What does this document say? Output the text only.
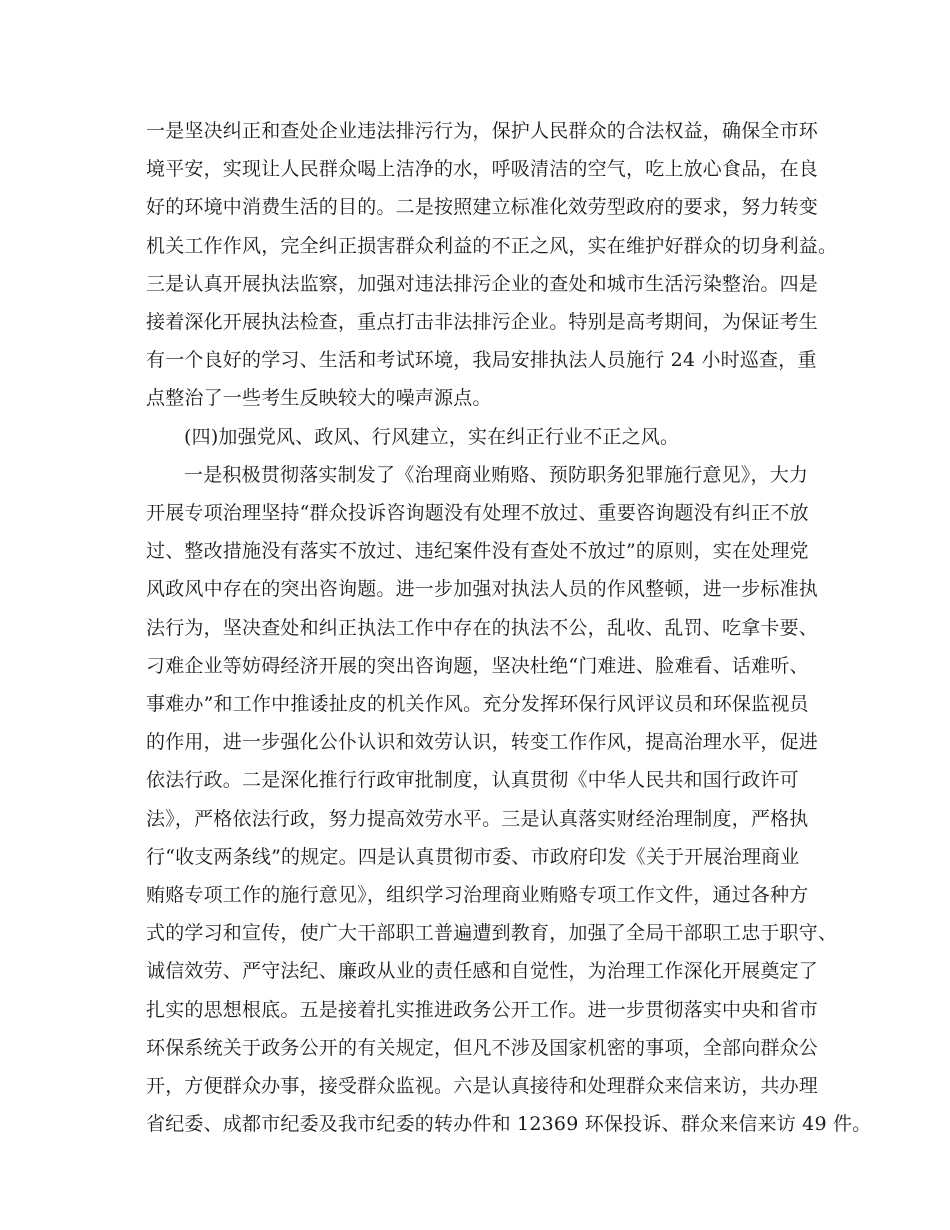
一是坚决纠正和查处企业违法排污行为，保护人民群众的合法权益，确保全市环
境平安，实现让人民群众喝上洁净的水，呼吸清洁的空气，吃上放心食品，在良
好的环境中消费生活的目的。二是按照建立标准化效劳型政府的要求，努力转变
机关工作作风，完全纠正损害群众利益的不正之风，实在维护好群众的切身利益。
三是认真开展执法监察，加强对违法排污企业的查处和城市生活污染整治。四是
接着深化开展执法检查，重点打击非法排污企业。特别是高考期间，为保证考生
有一个良好的学习、生活和考试环境，我局安排执法人员施行 24 小时巡查，重
点整治了一些考生反映较大的噪声源点。
(四)加强党风、政风、行风建立，实在纠正行业不正之风。
一是积极贯彻落实制发了《治理商业贿赂、预防职务犯罪施行意见》，大力
开展专项治理坚持“群众投诉咨询题没有处理不放过、重要咨询题没有纠正不放
过、整改措施没有落实不放过、违纪案件没有查处不放过”的原则，实在处理党
风政风中存在的突出咨询题。进一步加强对执法人员的作风整顿，进一步标准执
法行为，坚决查处和纠正执法工作中存在的执法不公，乱收、乱罚、吃拿卡要、
刁难企业等妨碍经济开展的突出咨询题，坚决杜绝“门难进、脸难看、话难听、
事难办”和工作中推诿扯皮的机关作风。充分发挥环保行风评议员和环保监视员
的作用，进一步强化公仆认识和效劳认识，转变工作作风，提高治理水平，促进
依法行政。二是深化推行行政审批制度，认真贯彻《中华人民共和国行政许可
法》，严格依法行政，努力提高效劳水平。三是认真落实财经治理制度，严格执
行“收支两条线”的规定。四是认真贯彻市委、市政府印发《关于开展治理商业
贿赂专项工作的施行意见》，组织学习治理商业贿赂专项工作文件，通过各种方
式的学习和宣传，使广大干部职工普遍遭到教育，加强了全局干部职工忠于职守、
诚信效劳、严守法纪、廉政从业的责任感和自觉性，为治理工作深化开展奠定了
扎实的思想根底。五是接着扎实推进政务公开工作。进一步贯彻落实中央和省市
环保系统关于政务公开的有关规定，但凡不涉及国家机密的事项，全部向群众公
开，方便群众办事，接受群众监视。六是认真接待和处理群众来信来访，共办理
省纪委、成都市纪委及我市纪委的转办件和 12369 环保投诉、群众来信来访 49 件。
